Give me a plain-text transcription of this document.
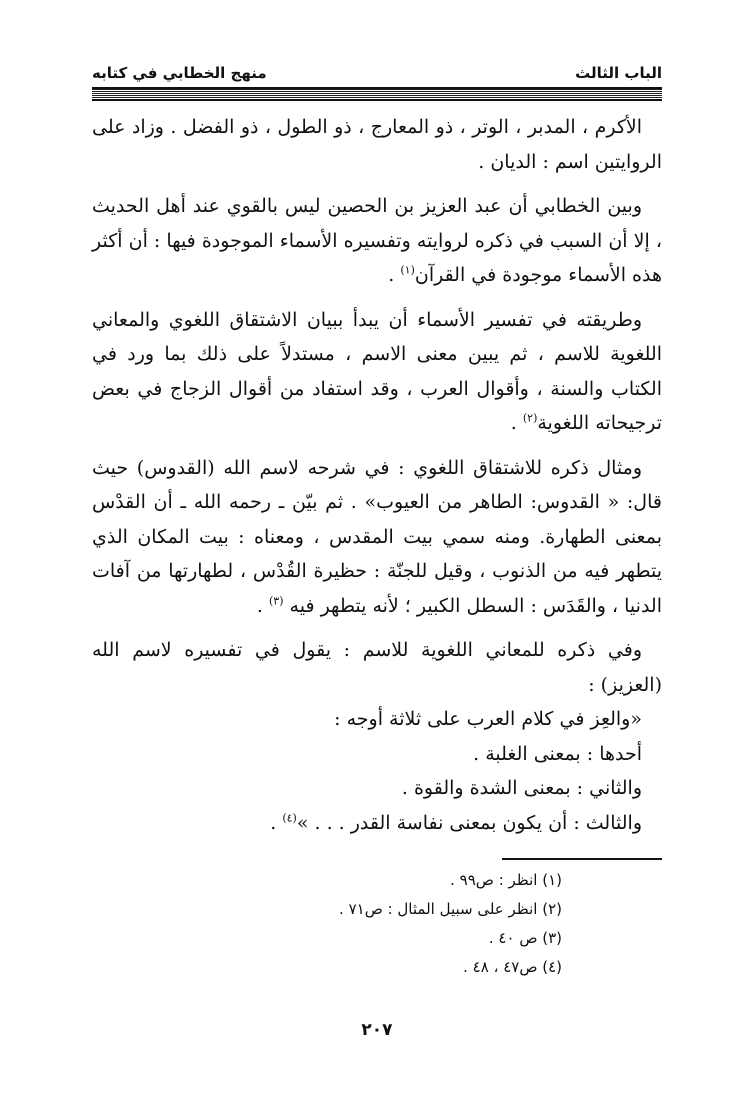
منهج الخطابي في كتابه	الباب الثالث

الأكرم ، المدبر ، الوتر ، ذو المعارج ، ذو الطول ، ذو الفضل . وزاد على الروايتين اسم : الديان .

وبين الخطابي أن عبد العزيز بن الحصين ليس بالقوي عند أهل الحديث ، إلا أن السبب في ذكره لروايته وتفسيره الأسماء الموجودة فيها : أن أكثر هذه الأسماء موجودة في القرآن$^{(١)}$ .

وطريقته في تفسير الأسماء أن يبدأ ببيان الاشتقاق اللغوي والمعاني اللغوية للاسم ، ثم يبين معنى الاسم ، مستدلاً على ذلك بما ورد في الكتاب والسنة ، وأقوال العرب ، وقد استفاد من أقوال الزجاج في بعض ترجيحاته اللغوية$^{(٢)}$ .

ومثال ذكره للاشتقاق اللغوي : في شرحه لاسم الله (القدوس) حيث قال: « القدوس: الطاهر من العيوب» . ثم بيّن ـ رحمه الله ـ أن القدْس بمعنى الطهارة. ومنه سمي بيت المقدس ، ومعناه : بيت المكان الذي يتطهر فيه من الذنوب ، وقيل للجنّة : حظيرة القُدْس ، لطهارتها من آفات الدنيا ، والقَدَس : السطل الكبير ؛ لأنه يتطهر فيه $^{(٣)}$ .

وفي ذكره للمعاني اللغوية للاسم : يقول في تفسيره لاسم الله (العزيز) :

«والعِز في كلام العرب على ثلاثة أوجه :

أحدها : بمعنى الغلبة .

والثاني : بمعنى الشدة والقوة .

والثالث : أن يكون بمعنى نفاسة القدر . . . »$^{(٤)}$ .

(١) انظر : ص٩٩ .
(٢) انظر على سبيل المثال : ص٧١ .
(٣) ص ٤٠ .
(٤) ص٤٧ ، ٤٨ .
٢٠٧
